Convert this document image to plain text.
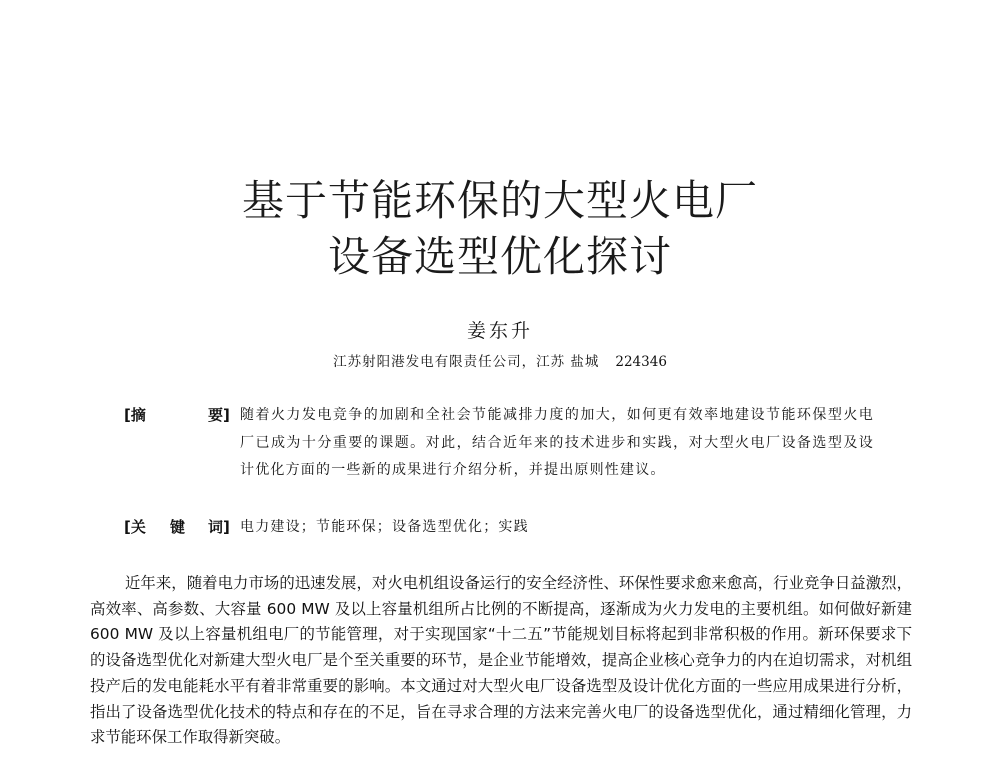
基于节能环保的大型火电厂
设备选型优化探讨
姜东升
江苏射阳港发电有限责任公司，江苏 盐城 224346
[摘	要] 随着火力发电竞争的加剧和全社会节能减排力度的加大，如何更有效率地建设节能环保型火电厂已成为十分重要的课题。对此，结合近年来的技术进步和实践，对大型火电厂设备选型及设计优化方面的一些新的成果进行介绍分析，并提出原则性建议。
[关 键 词] 电力建设；节能环保；设备选型优化；实践

近年来，随着电力市场的迅速发展，对火电机组设备运行的安全经济性、环保性要求愈来愈高，行业竞争日益激烈，高效率、高参数、大容量 600 MW 及以上容量机组所占比例的不断提高，逐渐成为火力发电的主要机组。如何做好新建 600 MW 及以上容量机组电厂的节能管理，对于实现国家“十二五”节能规划目标将起到非常积极的作用。新环保要求下的设备选型优化对新建大型火电厂是个至关重要的环节，是企业节能增效，提高企业核心竞争力的内在迫切需求，对机组投产后的发电能耗水平有着非常重要的影响。本文通过对大型火电厂设备选型及设计优化方面的一些应用成果进行分析，指出了设备选型优化技术的特点和存在的不足，旨在寻求合理的方法来完善火电厂的设备选型优化，通过精细化管理，力求节能环保工作取得新突破。
